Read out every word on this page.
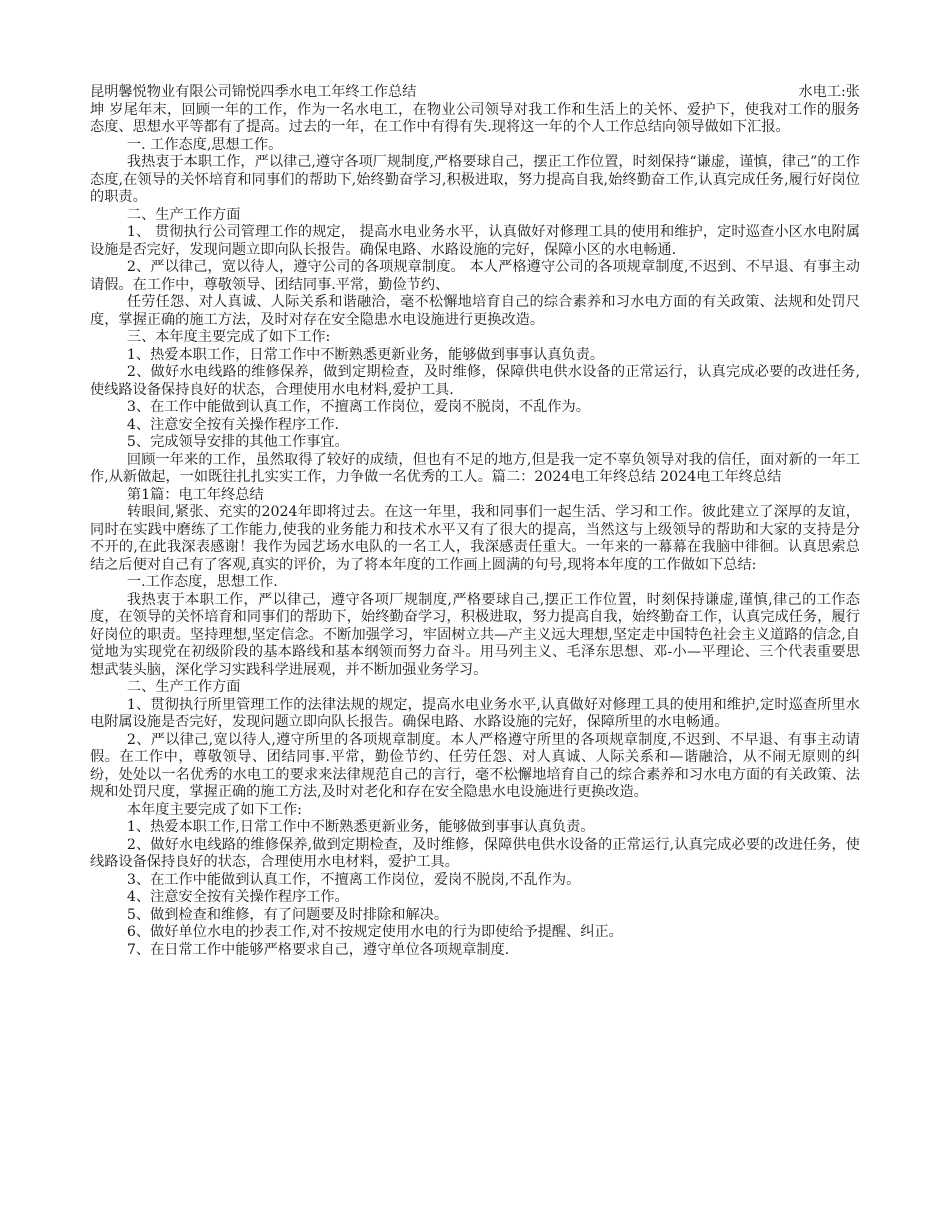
昆明馨悦物业有限公司锦悦四季水电工年终工作总结	水电工:张

坤 岁尾年末，回顾一年的工作，作为一名水电工，在物业公司领导对我工作和生活上的关怀、爱护下，使我对工作的服务态度、思想水平等都有了提高。过去的一年，在工作中有得有失.现将这一年的个人工作总结向领导做如下汇报。

一. 工作态度,思想工作。

我热衷于本职工作，严以律己,遵守各项厂规制度,严格要球自己，摆正工作位置，时刻保持“谦虚，谨慎，律己”的工作态度,在领导的关怀培育和同事们的帮助下,始终勤奋学习,积极进取，努力提高自我,始终勤奋工作,认真完成任务,履行好岗位的职责。

二、生产工作方面

1、 贯彻执行公司管理工作的规定， 提高水电业务水平，认真做好对修理工具的使用和维护，定时巡查小区水电附属设施是否完好，发现问题立即向队长报告。确保电路、水路设施的完好，保障小区的水电畅通.

2、严以律己，宽以待人，遵守公司的各项规章制度。 本人严格遵守公司的各项规章制度,不迟到、不早退、有事主动请假。在工作中，尊敬领导、团结同事.平常，勤俭节约、

任劳任怨、对人真诚、人际关系和谐融洽，毫不松懈地培育自己的综合素养和习水电方面的有关政策、法规和处罚尺度，掌握正确的施工方法，及时对存在安全隐患水电设施进行更换改造。

三、本年度主要完成了如下工作:

1、热爱本职工作，日常工作中不断熟悉更新业务，能够做到事事认真负责。

2、做好水电线路的维修保养，做到定期检查，及时维修，保障供电供水设备的正常运行，认真完成必要的改进任务,使线路设备保持良好的状态，合理使用水电材料,爱护工具.

3、在工作中能做到认真工作，不擅离工作岗位，爱岗不脱岗，不乱作为。

4、注意安全按有关操作程序工作.

5、完成领导安排的其他工作事宜。

回顾一年来的工作，虽然取得了较好的成绩，但也有不足的地方,但是我一定不辜负领导对我的信任，面对新的一年工作,从新做起，一如既往扎扎实实工作，力争做一名优秀的工人。篇二：2024电工年终总结 2024电工年终总结

第1篇：电工年终总结

转眼间,紧张、充实的2024年即将过去。在这一年里，我和同事们一起生活、学习和工作。彼此建立了深厚的友谊，同时在实践中磨练了工作能力,使我的业务能力和技术水平又有了很大的提高，当然这与上级领导的帮助和大家的支持是分不开的,在此我深表感谢！我作为园艺场水电队的一名工人，我深感责任重大。一年来的一幕幕在我脑中徘徊。认真思索总结之后便对自己有了客观,真实的评价，为了将本年度的工作画上圆满的句号,现将本年度的工作做如下总结:

一.工作态度，思想工作.

我热衷于本职工作，严以律己，遵守各项厂规制度,严格要球自己,摆正工作位置，时刻保持谦虚,谨慎,律己的工作态度，在领导的关怀培育和同事们的帮助下，始终勤奋学习，积极进取，努力提高自我，始终勤奋工作，认真完成任务，履行好岗位的职责。坚持理想,坚定信念。不断加强学习，牢固树立共—产主义远大理想,坚定走中国特色社会主义道路的信念,自觉地为实现党在初级阶段的基本路线和基本纲领而努力奋斗。用马列主义、毛泽东思想、邓-小—平理论、三个代表重要思想武装头脑，深化学习实践科学进展观，并不断加强业务学习。

二、生产工作方面

1、贯彻执行所里管理工作的法律法规的规定，提高水电业务水平,认真做好对修理工具的使用和维护,定时巡查所里水电附属设施是否完好，发现问题立即向队长报告。确保电路、水路设施的完好，保障所里的水电畅通。

2、严以律己,宽以待人,遵守所里的各项规章制度。本人严格遵守所里的各项规章制度,不迟到、不早退、有事主动请假。在工作中，尊敬领导、团结同事.平常，勤俭节约、任劳任怨、对人真诚、人际关系和—谐融洽，从不闹无原则的纠纷，处处以一名优秀的水电工的要求来法律规范自己的言行，毫不松懈地培育自己的综合素养和习水电方面的有关政策、法规和处罚尺度，掌握正确的施工方法,及时对老化和存在安全隐患水电设施进行更换改造。

本年度主要完成了如下工作:

1、热爱本职工作,日常工作中不断熟悉更新业务，能够做到事事认真负责。

2、做好水电线路的维修保养,做到定期检查，及时维修，保障供电供水设备的正常运行,认真完成必要的改进任务，使线路设备保持良好的状态，合理使用水电材料，爱护工具。

3、在工作中能做到认真工作，不擅离工作岗位，爱岗不脱岗,不乱作为。

4、注意安全按有关操作程序工作。

5、做到检查和维修，有了问题要及时排除和解决。

6、做好单位水电的抄表工作,对不按规定使用水电的行为即使给予提醒、纠正。

7、在日常工作中能够严格要求自己，遵守单位各项规章制度.
